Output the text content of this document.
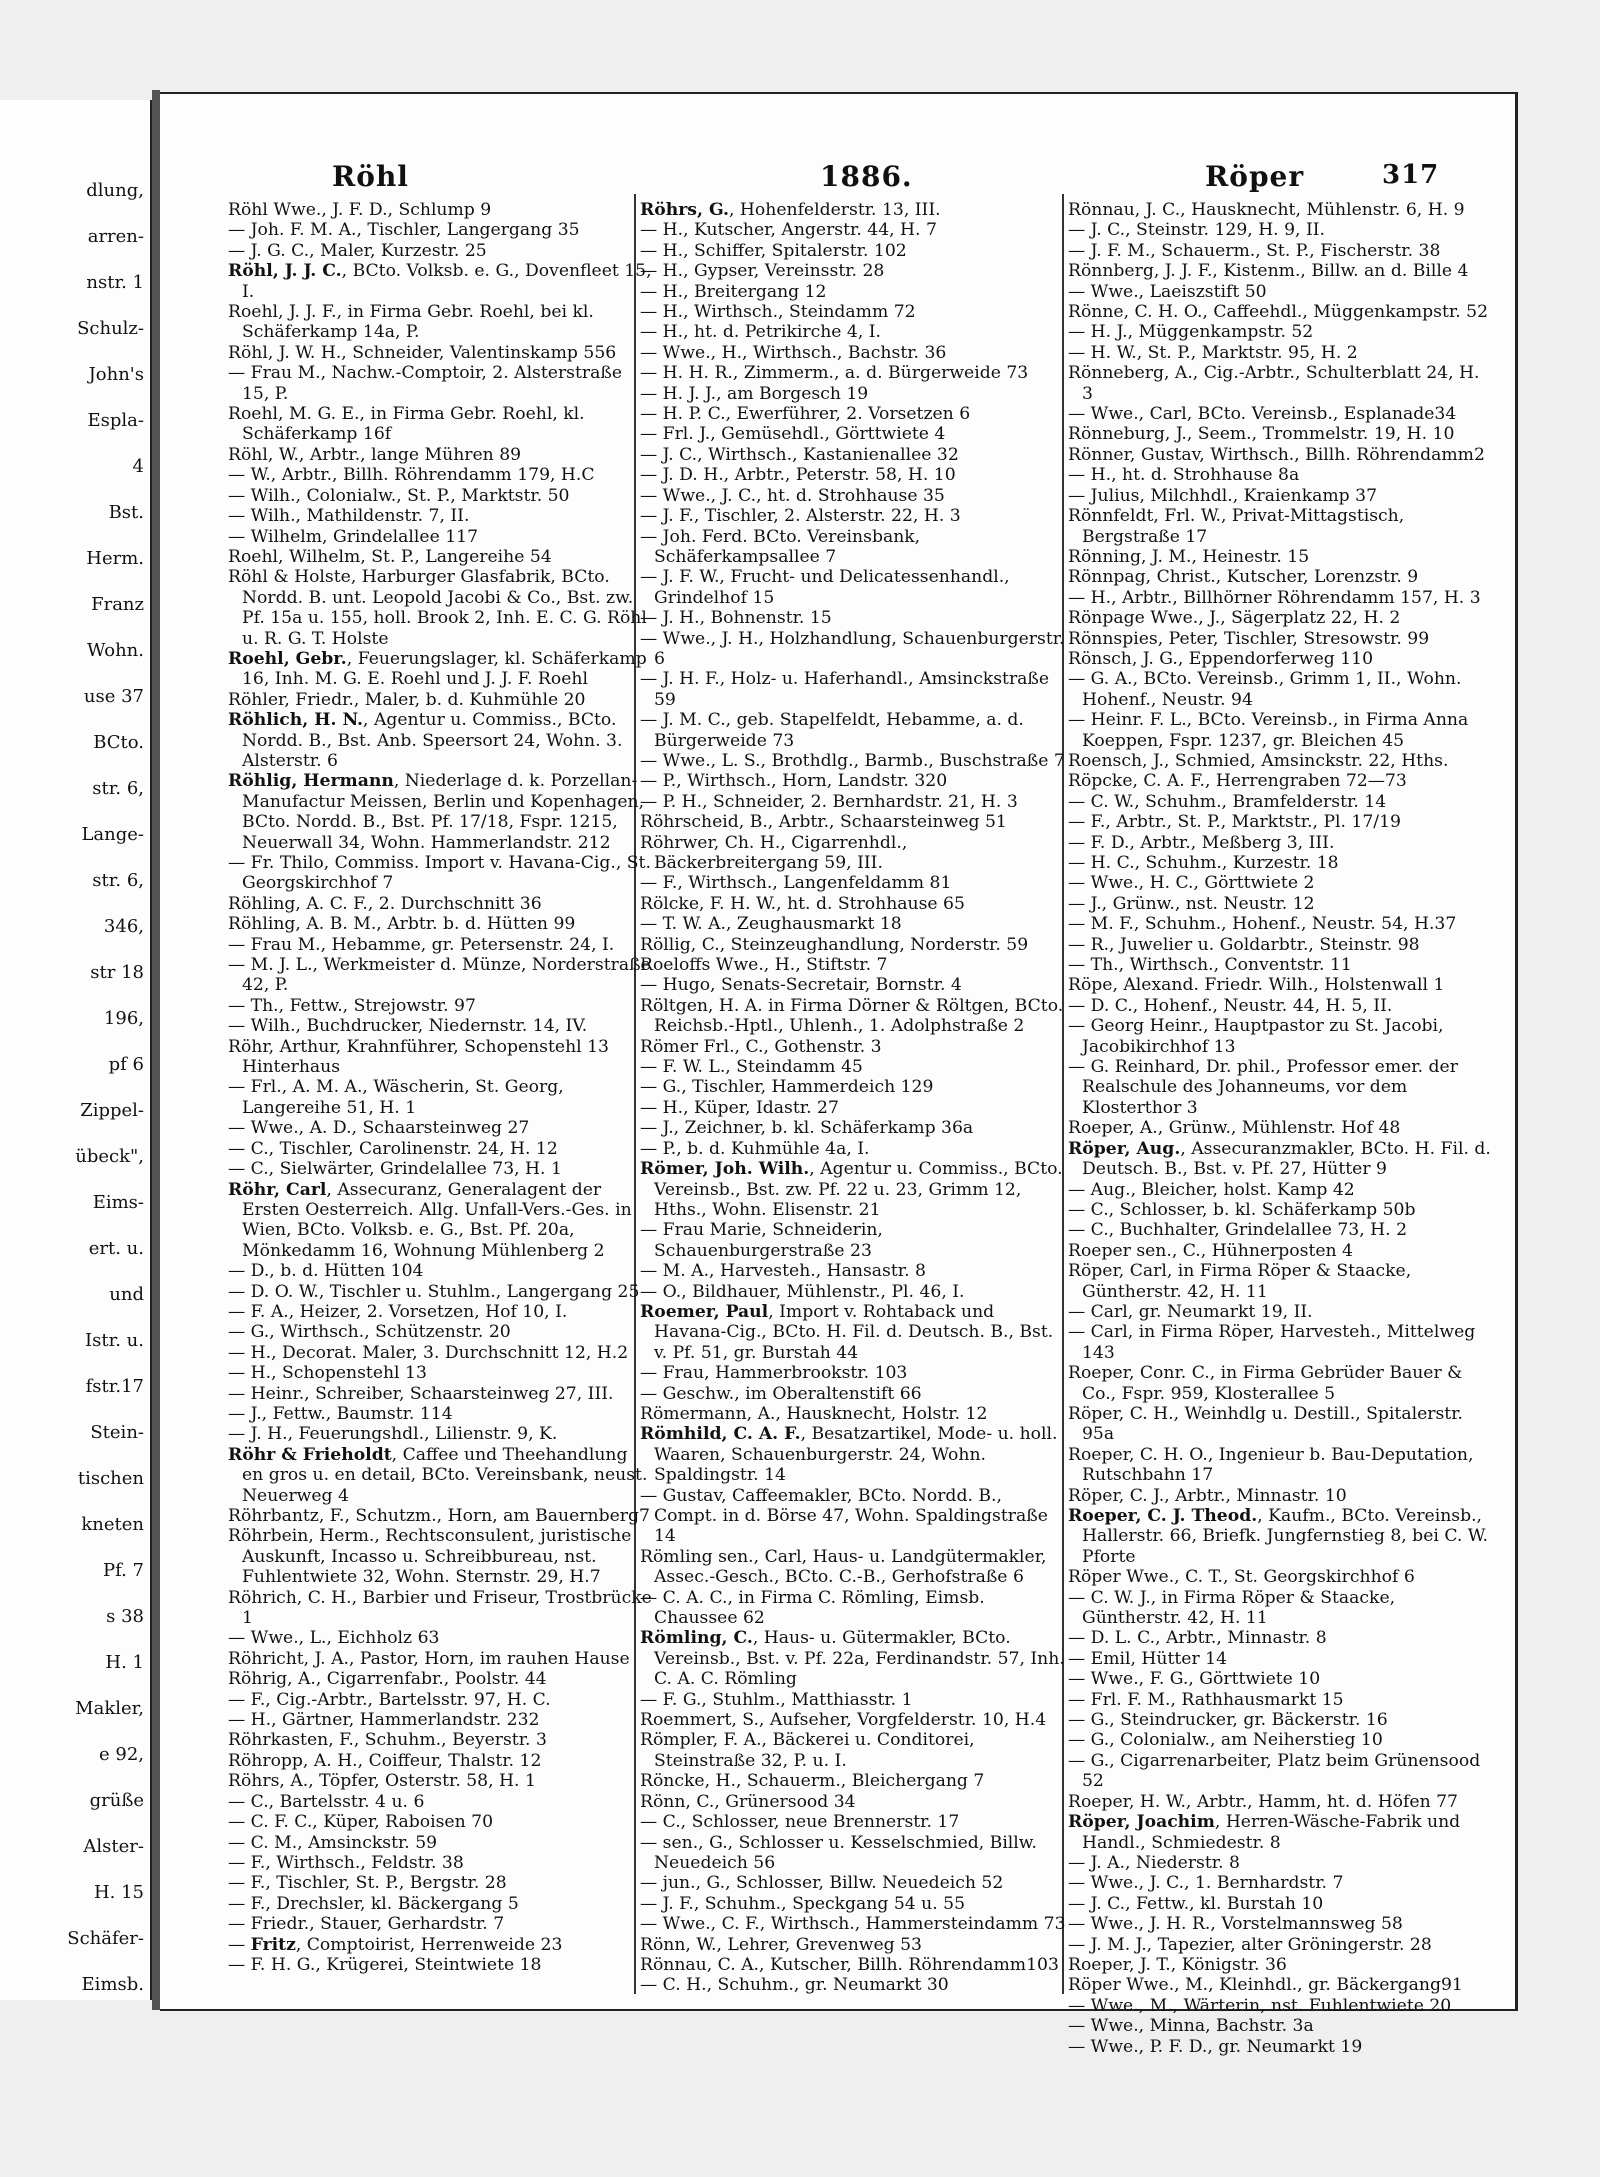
dlung,
arren-
nstr. 1
Schulz-
John's
Espla-
4
Bst.
Herm.
Franz
Wohn.
use 37
BCto.
str. 6,
Lange-
str. 6,
346,
str 18
196,
pf 6
Zippel-
übeck",
Eims-
ert. u.
und
Istr. u.
fstr.17
Stein-
tischen
kneten
Pf. 7
s 38
H. 1
Makler,
e 92,
grüße
Alster-
H. 15
Schäfer-
Eimsb.
Röhl	1886.	Röper	317

Röhl Wwe., J. F. D., Schlump 9

— Joh. F. M. A., Tischler, Langergang 35

— J. G. C., Maler, Kurzestr. 25

Röhl, J. J. C., BCto. Volksb. e. G., Dovenfleet 15, I.

Roehl, J. J. F., in Firma Gebr. Roehl, bei kl. Schäferkamp 14a, P.

Röhl, J. W. H., Schneider, Valentinskamp 556

— Frau M., Nachw.-Comptoir, 2. Alsterstraße 15, P.

Roehl, M. G. E., in Firma Gebr. Roehl, kl. Schäferkamp 16f

Röhl, W., Arbtr., lange Mühren 89

— W., Arbtr., Billh. Röhrendamm 179, H.C

— Wilh., Colonialw., St. P., Marktstr. 50

— Wilh., Mathildenstr. 7, II.

— Wilhelm, Grindelallee 117

Roehl, Wilhelm, St. P., Langereihe 54

Röhl & Holste, Harburger Glasfabrik, BCto. Nordd. B. unt. Leopold Jacobi & Co., Bst. zw. Pf. 15a u. 155, holl. Brook 2, Inh. E. C. G. Röhl u. R. G. T. Holste

Roehl, Gebr., Feuerungslager, kl. Schäferkamp 16, Inh. M. G. E. Roehl und J. J. F. Roehl

Röhler, Friedr., Maler, b. d. Kuhmühle 20

Röhlich, H. N., Agentur u. Commiss., BCto. Nordd. B., Bst. Anb. Speersort 24, Wohn. 3. Alsterstr. 6

Röhlig, Hermann, Niederlage d. k. Porzellan-Manufactur Meissen, Berlin und Kopenhagen, BCto. Nordd. B., Bst. Pf. 17/18, Fspr. 1215, Neuerwall 34, Wohn. Hammerlandstr. 212

— Fr. Thilo, Commiss. Import v. Havana-Cig., St. Georgskirchhof 7

Röhling, A. C. F., 2. Durchschnitt 36

Röhling, A. B. M., Arbtr. b. d. Hütten 99

— Frau M., Hebamme, gr. Petersenstr. 24, I.

— M. J. L., Werkmeister d. Münze, Norderstraße 42, P.

— Th., Fettw., Strejowstr. 97

— Wilh., Buchdrucker, Niedernstr. 14, IV.

Röhr, Arthur, Krahnführer, Schopenstehl 13 Hinterhaus

— Frl., A. M. A., Wäscherin, St. Georg, Langereihe 51, H. 1

— Wwe., A. D., Schaarsteinweg 27

— C., Tischler, Carolinenstr. 24, H. 12

— C., Sielwärter, Grindelallee 73, H. 1

Röhr, Carl, Assecuranz, Generalagent der Ersten Oesterreich. Allg. Unfall-Vers.-Ges. in Wien, BCto. Volksb. e. G., Bst. Pf. 20a, Mönkedamm 16, Wohnung Mühlenberg 2

— D., b. d. Hütten 104

— D. O. W., Tischler u. Stuhlm., Langergang 25

— F. A., Heizer, 2. Vorsetzen, Hof 10, I.

— G., Wirthsch., Schützenstr. 20

— H., Decorat. Maler, 3. Durchschnitt 12, H.2

— H., Schopenstehl 13

— Heinr., Schreiber, Schaarsteinweg 27, III.

— J., Fettw., Baumstr. 114

— J. H., Feuerungshdl., Lilienstr. 9, K.

Röhr & Frieholdt, Caffee und Theehandlung en gros u. en detail, BCto. Vereinsbank, neust. Neuerweg 4

Röhrbantz, F., Schutzm., Horn, am Bauernberg7

Röhrbein, Herm., Rechtsconsulent, juristische Auskunft, Incasso u. Schreibbureau, nst. Fuhlentwiete 32, Wohn. Sternstr. 29, H.7

Röhrich, C. H., Barbier und Friseur, Trostbrücke 1

— Wwe., L., Eichholz 63

Röhricht, J. A., Pastor, Horn, im rauhen Hause

Röhrig, A., Cigarrenfabr., Poolstr. 44

— F., Cig.-Arbtr., Bartelsstr. 97, H. C.

— H., Gärtner, Hammerlandstr. 232

Röhrkasten, F., Schuhm., Beyerstr. 3

Röhropp, A. H., Coiffeur, Thalstr. 12

Röhrs, A., Töpfer, Osterstr. 58, H. 1

— C., Bartelsstr. 4 u. 6

— C. F. C., Küper, Raboisen 70

— C. M., Amsinckstr. 59

— F., Wirthsch., Feldstr. 38

— F., Tischler, St. P., Bergstr. 28

— F., Drechsler, kl. Bäckergang 5

— Friedr., Stauer, Gerhardstr. 7

— Fritz, Comptoirist, Herrenweide 23

— F. H. G., Krügerei, Steintwiete 18

Röhrs, G., Hohenfelderstr. 13, III.

— H., Kutscher, Angerstr. 44, H. 7

— H., Schiffer, Spitalerstr. 102

— H., Gypser, Vereinsstr. 28

— H., Breitergang 12

— H., Wirthsch., Steindamm 72

— H., ht. d. Petrikirche 4, I.

— Wwe., H., Wirthsch., Bachstr. 36

— H. H. R., Zimmerm., a. d. Bürgerweide 73

— H. J. J., am Borgesch 19

— H. P. C., Ewerführer, 2. Vorsetzen 6

— Frl. J., Gemüsehdl., Görttwiete 4

— J. C., Wirthsch., Kastanienallee 32

— J. D. H., Arbtr., Peterstr. 58, H. 10

— Wwe., J. C., ht. d. Strohhause 35

— J. F., Tischler, 2. Alsterstr. 22, H. 3

— Joh. Ferd. BCto. Vereinsbank, Schäferkampsallee 7

— J. F. W., Frucht- und Delicatessenhandl., Grindelhof 15

— J. H., Bohnenstr. 15

— Wwe., J. H., Holzhandlung, Schauenburgerstr. 6

— J. H. F., Holz- u. Haferhandl., Amsinckstraße 59

— J. M. C., geb. Stapelfeldt, Hebamme, a. d. Bürgerweide 73

— Wwe., L. S., Brothdlg., Barmb., Buschstraße 7

— P., Wirthsch., Horn, Landstr. 320

— P. H., Schneider, 2. Bernhardstr. 21, H. 3

Röhrscheid, B., Arbtr., Schaarsteinweg 51

Röhrwer, Ch. H., Cigarrenhdl., Bäckerbreitergang 59, III.

— F., Wirthsch., Langenfeldamm 81

Rölcke, F. H. W., ht. d. Strohhause 65

— T. W. A., Zeughausmarkt 18

Röllig, C., Steinzeughandlung, Norderstr. 59

Roeloffs Wwe., H., Stiftstr. 7

— Hugo, Senats-Secretair, Bornstr. 4

Röltgen, H. A. in Firma Dörner & Röltgen, BCto. Reichsb.-Hptl., Uhlenh., 1. Adolphstraße 2

Römer Frl., C., Gothenstr. 3

— F. W. L., Steindamm 45

— G., Tischler, Hammerdeich 129

— H., Küper, Idastr. 27

— J., Zeichner, b. kl. Schäferkamp 36a

— P., b. d. Kuhmühle 4a, I.

Römer, Joh. Wilh., Agentur u. Commiss., BCto. Vereinsb., Bst. zw. Pf. 22 u. 23, Grimm 12, Hths., Wohn. Elisenstr. 21

— Frau Marie, Schneiderin, Schauenburgerstraße 23

— M. A., Harvesteh., Hansastr. 8

— O., Bildhauer, Mühlenstr., Pl. 46, I.

Roemer, Paul, Import v. Rohtaback und Havana-Cig., BCto. H. Fil. d. Deutsch. B., Bst. v. Pf. 51, gr. Burstah 44

— Frau, Hammerbrookstr. 103

— Geschw., im Oberaltenstift 66

Römermann, A., Hausknecht, Holstr. 12

Römhild, C. A. F., Besatzartikel, Mode- u. holl. Waaren, Schauenburgerstr. 24, Wohn. Spaldingstr. 14

— Gustav, Caffeemakler, BCto. Nordd. B., Compt. in d. Börse 47, Wohn. Spaldingstraße 14

Römling sen., Carl, Haus- u. Landgütermakler, Assec.-Gesch., BCto. C.-B., Gerhofstraße 6

— C. A. C., in Firma C. Römling, Eimsb. Chaussee 62

Römling, C., Haus- u. Gütermakler, BCto. Vereinsb., Bst. v. Pf. 22a, Ferdinandstr. 57, Inh. C. A. C. Römling

— F. G., Stuhlm., Matthiasstr. 1

Roemmert, S., Aufseher, Vorgfelderstr. 10, H.4

Römpler, F. A., Bäckerei u. Conditorei, Steinstraße 32, P. u. I.

Röncke, H., Schauerm., Bleichergang 7

Rönn, C., Grünersood 34

— C., Schlosser, neue Brennerstr. 17

— sen., G., Schlosser u. Kesselschmied, Billw. Neuedeich 56

— jun., G., Schlosser, Billw. Neuedeich 52

— J. F., Schuhm., Speckgang 54 u. 55

— Wwe., C. F., Wirthsch., Hammersteindamm 73

Rönn, W., Lehrer, Grevenweg 53

Rönnau, C. A., Kutscher, Billh. Röhrendamm103

— C. H., Schuhm., gr. Neumarkt 30

Rönnau, J. C., Hausknecht, Mühlenstr. 6, H. 9

— J. C., Steinstr. 129, H. 9, II.

— J. F. M., Schauerm., St. P., Fischerstr. 38

Rönnberg, J. J. F., Kistenm., Billw. an d. Bille 4

— Wwe., Laeiszstift 50

Rönne, C. H. O., Caffeehdl., Müggenkampstr. 52

— H. J., Müggenkampstr. 52

— H. W., St. P., Marktstr. 95, H. 2

Rönneberg, A., Cig.-Arbtr., Schulterblatt 24, H. 3

— Wwe., Carl, BCto. Vereinsb., Esplanade34

Rönneburg, J., Seem., Trommelstr. 19, H. 10

Rönner, Gustav, Wirthsch., Billh. Röhrendamm2

— H., ht. d. Strohhause 8a

— Julius, Milchhdl., Kraienkamp 37

Rönnfeldt, Frl. W., Privat-Mittagstisch, Bergstraße 17

Rönning, J. M., Heinestr. 15

Rönnpag, Christ., Kutscher, Lorenzstr. 9

— H., Arbtr., Billhörner Röhrendamm 157, H. 3

Rönpage Wwe., J., Sägerplatz 22, H. 2

Rönnspies, Peter, Tischler, Stresowstr. 99

Rönsch, J. G., Eppendorferweg 110

— G. A., BCto. Vereinsb., Grimm 1, II., Wohn. Hohenf., Neustr. 94

— Heinr. F. L., BCto. Vereinsb., in Firma Anna Koeppen, Fspr. 1237, gr. Bleichen 45

Roensch, J., Schmied, Amsinckstr. 22, Hths.

Röpcke, C. A. F., Herrengraben 72—73

— C. W., Schuhm., Bramfelderstr. 14

— F., Arbtr., St. P., Marktstr., Pl. 17/19

— F. D., Arbtr., Meßberg 3, III.

— H. C., Schuhm., Kurzestr. 18

— Wwe., H. C., Görttwiete 2

— J., Grünw., nst. Neustr. 12

— M. F., Schuhm., Hohenf., Neustr. 54, H.37

— R., Juwelier u. Goldarbtr., Steinstr. 98

— Th., Wirthsch., Conventstr. 11

Röpe, Alexand. Friedr. Wilh., Holstenwall 1

— D. C., Hohenf., Neustr. 44, H. 5, II.

— Georg Heinr., Hauptpastor zu St. Jacobi, Jacobikirchhof 13

— G. Reinhard, Dr. phil., Professor emer. der Realschule des Johanneums, vor dem Klosterthor 3

Roeper, A., Grünw., Mühlenstr. Hof 48

Röper, Aug., Assecuranzmakler, BCto. H. Fil. d. Deutsch. B., Bst. v. Pf. 27, Hütter 9

— Aug., Bleicher, holst. Kamp 42

— C., Schlosser, b. kl. Schäferkamp 50b

— C., Buchhalter, Grindelallee 73, H. 2

Roeper sen., C., Hühnerposten 4

Röper, Carl, in Firma Röper & Staacke, Güntherstr. 42, H. 11

— Carl, gr. Neumarkt 19, II.

— Carl, in Firma Röper, Harvesteh., Mittelweg 143

Roeper, Conr. C., in Firma Gebrüder Bauer & Co., Fspr. 959, Klosterallee 5

Röper, C. H., Weinhdlg u. Destill., Spitalerstr. 95a

Roeper, C. H. O., Ingenieur b. Bau-Deputation, Rutschbahn 17

Röper, C. J., Arbtr., Minnastr. 10

Roeper, C. J. Theod., Kaufm., BCto. Vereinsb., Hallerstr. 66, Briefk. Jungfernstieg 8, bei C. W. Pforte

Röper Wwe., C. T., St. Georgskirchhof 6

— C. W. J., in Firma Röper & Staacke, Güntherstr. 42, H. 11

— D. L. C., Arbtr., Minnastr. 8

— Emil, Hütter 14

— Wwe., F. G., Görttwiete 10

— Frl. F. M., Rathhausmarkt 15

— G., Steindrucker, gr. Bäckerstr. 16

— G., Colonialw., am Neiherstieg 10

— G., Cigarrenarbeiter, Platz beim Grünensood 52

Roeper, H. W., Arbtr., Hamm, ht. d. Höfen 77

Röper, Joachim, Herren-Wäsche-Fabrik und Handl., Schmiedestr. 8

— J. A., Niederstr. 8

— Wwe., J. C., 1. Bernhardstr. 7

— J. C., Fettw., kl. Burstah 10

— Wwe., J. H. R., Vorstelmannsweg 58

— J. M. J., Tapezier, alter Gröningerstr. 28

Roeper, J. T., Königstr. 36

Röper Wwe., M., Kleinhdl., gr. Bäckergang91

— Wwe., M., Wärterin, nst. Fuhlentwiete 20

— Wwe., Minna, Bachstr. 3a

— Wwe., P. F. D., gr. Neumarkt 19
